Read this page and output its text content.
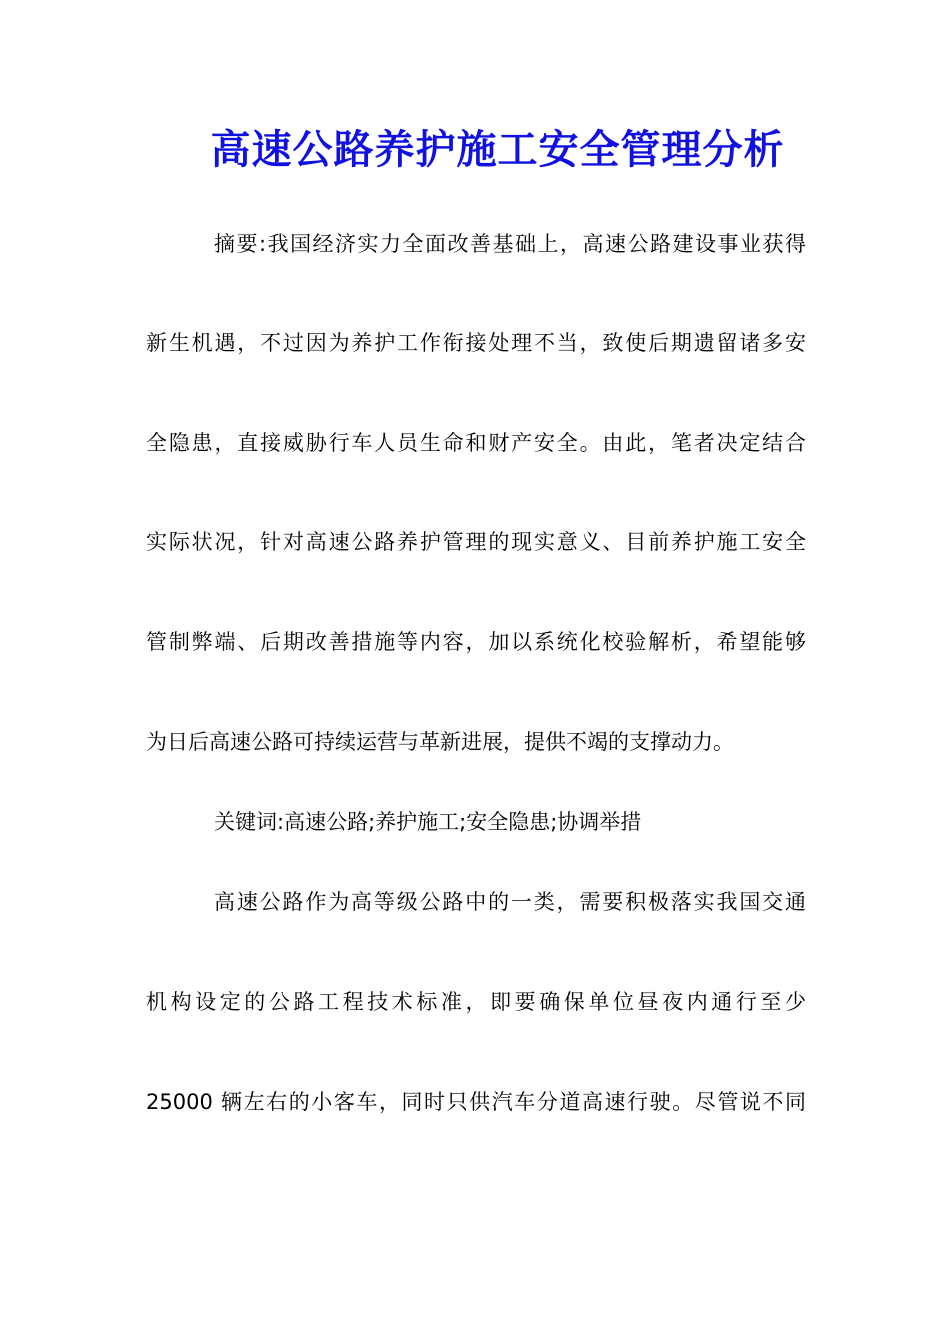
高速公路养护施工安全管理分析
摘要:我国经济实力全面改善基础上，高速公路建设事业获得
新生机遇，不过因为养护工作衔接处理不当，致使后期遗留诸多安
全隐患，直接威胁行车人员生命和财产安全。由此，笔者决定结合
实际状况，针对高速公路养护管理的现实意义、目前养护施工安全
管制弊端、后期改善措施等内容，加以系统化校验解析，希望能够
为日后高速公路可持续运营与革新进展，提供不竭的支撑动力。
关键词:高速公路;养护施工;安全隐患;协调举措
高速公路作为高等级公路中的一类，需要积极落实我国交通
机构设定的公路工程技术标准，即要确保单位昼夜内通行至少
25000 辆左右的小客车，同时只供汽车分道高速行驶。尽管说不同
